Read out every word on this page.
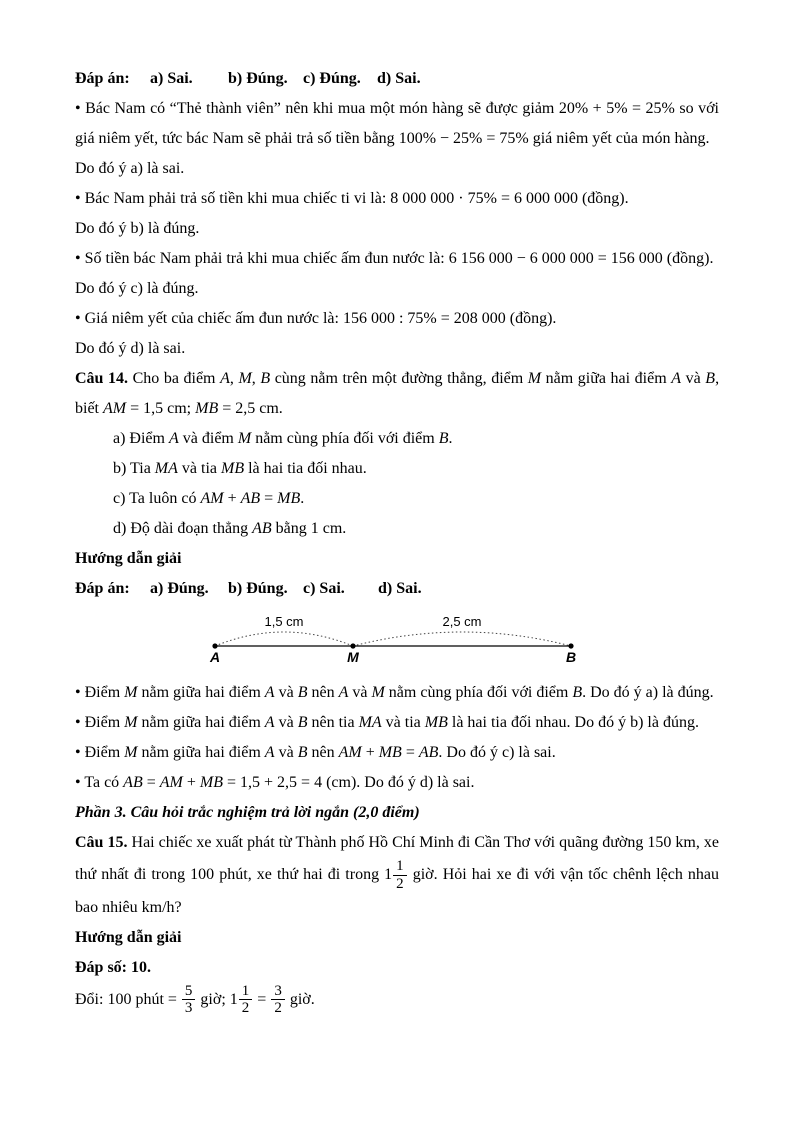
Đáp án: a) Sai. b) Đúng. c) Đúng. d) Sai.
• Bác Nam có “Thẻ thành viên” nên khi mua một món hàng sẽ được giảm 20% + 5% = 25% so với giá niêm yết, tức bác Nam sẽ phải trả số tiền bằng 100% − 25% = 75% giá niêm yết của món hàng.
Do đó ý a) là sai.
• Bác Nam phải trả số tiền khi mua chiếc ti vi là: 8 000 000 · 75% = 6 000 000 (đồng).
Do đó ý b) là đúng.
• Số tiền bác Nam phải trả khi mua chiếc ấm đun nước là: 6 156 000 − 6 000 000 = 156 000 (đồng).
Do đó ý c) là đúng.
• Giá niêm yết của chiếc ấm đun nước là: 156 000 : 75% = 208 000 (đồng).
Do đó ý d) là sai.
Câu 14. Cho ba điểm A, M, B cùng nằm trên một đường thẳng, điểm M nằm giữa hai điểm A và B, biết AM = 1,5 cm; MB = 2,5 cm.
a) Điểm A và điểm M nằm cùng phía đối với điểm B.
b) Tia MA và tia MB là hai tia đối nhau.
c) Ta luôn có AM + AB = MB.
d) Độ dài đoạn thẳng AB bằng 1 cm.
Hướng dẫn giải
Đáp án: a) Đúng. b) Đúng. c) Sai. d) Sai.
1,5 cm	2,5 cm
A	M	B
• Điểm M nằm giữa hai điểm A và B nên A và M nằm cùng phía đối với điểm B. Do đó ý a) là đúng.
• Điểm M nằm giữa hai điểm A và B nên tia MA và tia MB là hai tia đối nhau. Do đó ý b) là đúng.
• Điểm M nằm giữa hai điểm A và B nên AM + MB = AB. Do đó ý c) là sai.
• Ta có AB = AM + MB = 1,5 + 2,5 = 4 (cm). Do đó ý d) là sai.
Phần 3. Câu hỏi trắc nghiệm trả lời ngắn (2,0 điểm)
Câu 15. Hai chiếc xe xuất phát từ Thành phố Hồ Chí Minh đi Cần Thơ với quãng đường 150 km, xe thứ nhất đi trong 100 phút, xe thứ hai đi trong $1 \frac{1}{2}$ giờ. Hỏi hai xe đi với vận tốc chênh lệch nhau bao nhiêu km/h?
Hướng dẫn giải
Đáp số: 10.
Đổi: 100 phút = $\frac{5}{3}$ giờ; $1 \frac{1}{2} = \frac{3}{2}$ giờ.
